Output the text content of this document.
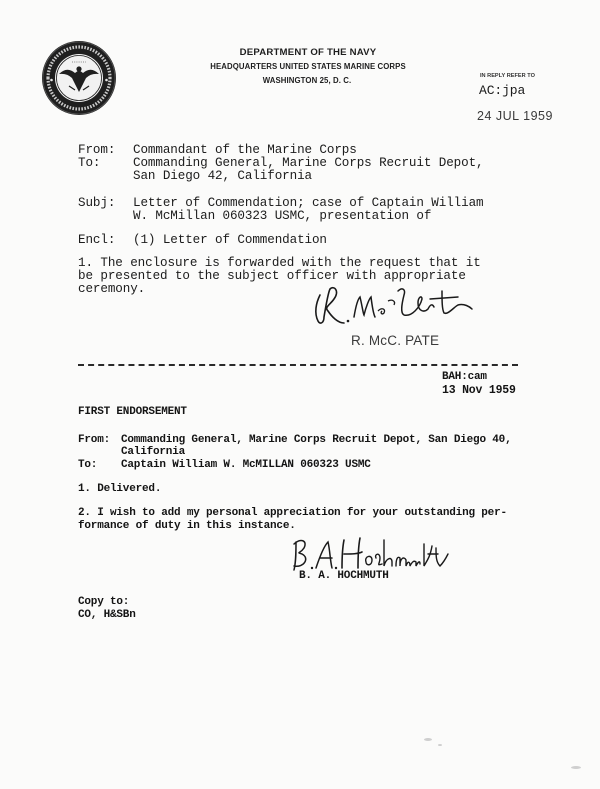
DEPARTMENT OF THE NAVY
HEADQUARTERS UNITED STATES MARINE CORPS
WASHINGTON 25, D. C.	IN REPLY REFER TO
AC:jpa
24 JUL 1959
From: Commandant of the Marine Corps
To:	Commanding General, Marine Corps Recruit Depot,
San Diego 42, California
Subj: Letter of Commendation; case of Captain William
W. McMillan 060323 USMC, presentation of
Encl: (1) Letter of Commendation
1. The enclosure is forwarded with the request that it
be presented to the subject officer with appropriate
ceremony.
R. McC. PATE
BAH:cam
13 Nov 1959
FIRST ENDORSEMENT
From: Commanding General, Marine Corps Recruit Depot, San Diego 40,
California
To: Captain William W. McMILLAN 060323 USMC
1. Delivered.
2. I wish to add my personal appreciation for your outstanding per-
formance of duty in this instance.
B. A. HOCHMUTH
Copy to:
CO, H&SBn
